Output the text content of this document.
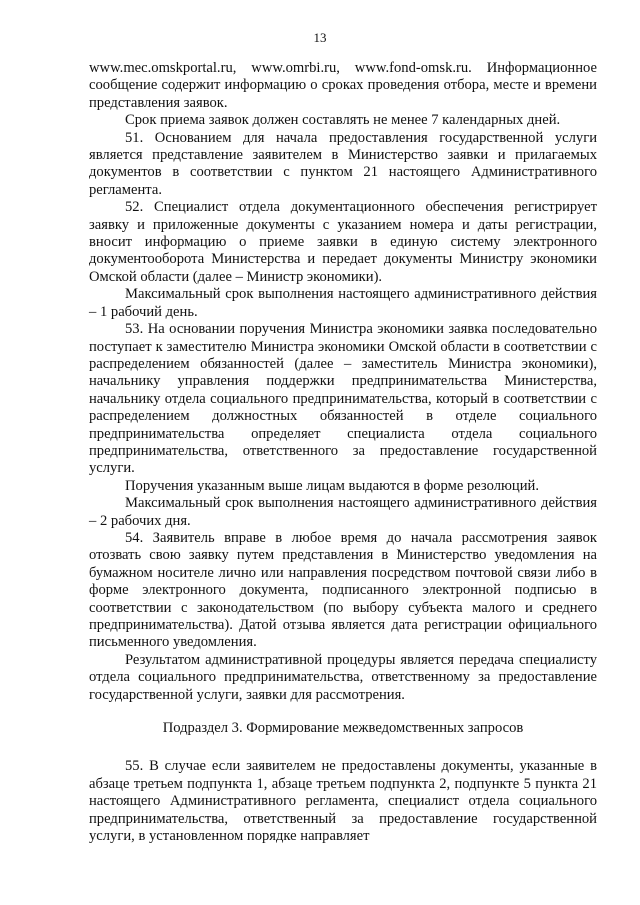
13

www.mec.omskportal.ru, www.omrbi.ru, www.fond-omsk.ru. Информационное сообщение содержит информацию о сроках проведения отбора, месте и времени представления заявок.

Срок приема заявок должен составлять не менее 7 календарных дней.

51. Основанием для начала предоставления государственной услуги является представление заявителем в Министерство заявки и прилагаемых документов в соответствии с пунктом 21 настоящего Административного регламента.

52. Специалист отдела документационного обеспечения регистрирует заявку и приложенные документы с указанием номера и даты регистрации, вносит информацию о приеме заявки в единую систему электронного документооборота Министерства и передает документы Министру экономики Омской области (далее – Министр экономики).

Максимальный срок выполнения настоящего административного действия – 1 рабочий день.

53. На основании поручения Министра экономики заявка последовательно поступает к заместителю Министра экономики Омской области в соответствии с распределением обязанностей (далее – заместитель Министра экономики), начальнику управления поддержки предпринимательства Министерства, начальнику отдела социального предпринимательства, который в соответствии с распределением должностных обязанностей в отделе социального предпринимательства определяет специалиста отдела социального предпринимательства, ответственного за предоставление государственной услуги.

Поручения указанным выше лицам выдаются в форме резолюций.

Максимальный срок выполнения настоящего административного действия – 2 рабочих дня.

54. Заявитель вправе в любое время до начала рассмотрения заявок отозвать свою заявку путем представления в Министерство уведомления на бумажном носителе лично или направления посредством почтовой связи либо в форме электронного документа, подписанного электронной подписью в соответствии с законодательством (по выбору субъекта малого и среднего предпринимательства). Датой отзыва является дата регистрации официального письменного уведомления.

Результатом административной процедуры является передача специалисту отдела социального предпринимательства, ответственному за предоставление государственной услуги, заявки для рассмотрения.

Подраздел 3. Формирование межведомственных запросов

55. В случае если заявителем не предоставлены документы, указанные в абзаце третьем подпункта 1, абзаце третьем подпункта 2, подпункте 5 пункта 21 настоящего Административного регламента, специалист отдела социального предпринимательства, ответственный за предоставление государственной услуги, в установленном порядке направляет
